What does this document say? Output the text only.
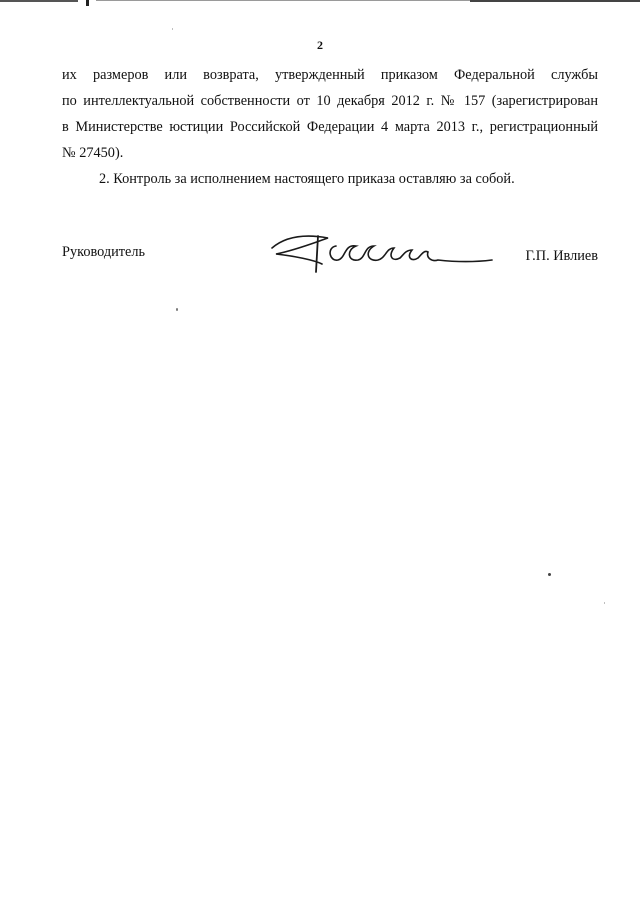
2
их размеров или возврата, утвержденный приказом Федеральной службы
по интеллектуальной собственности от 10 декабря 2012 г. № 157 (зарегистрирован
в Министерстве юстиции Российской Федерации 4 марта 2013 г., регистрационный
№ 27450).
2. Контроль за исполнением настоящего приказа оставляю за собой.
Руководитель	Г.П. Ивлиев
